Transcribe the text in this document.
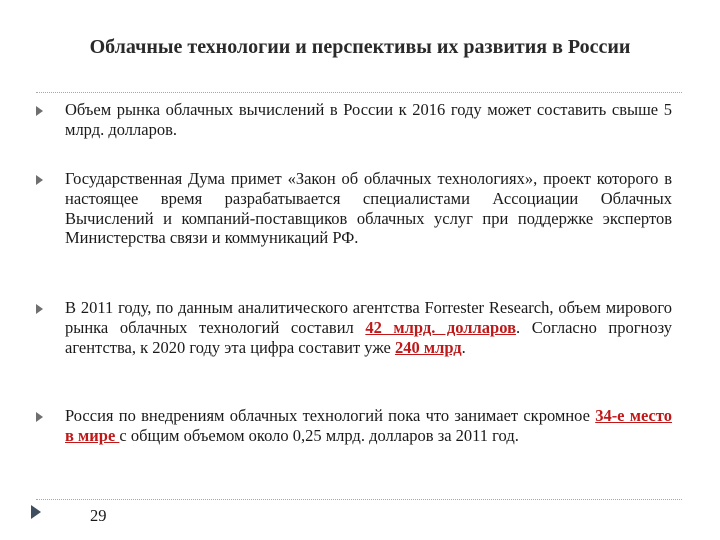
Облачные технологии и перспективы их развития в России
Объем рынка облачных вычислений в России к 2016 году может составить свыше 5 млрд. долларов.
Государственная Дума примет «Закон об облачных технологиях», проект которого в настоящее время разрабатывается специалистами Ассоциации Облачных Вычислений и компаний-поставщиков облачных услуг при поддержке экспертов Министерства связи и коммуникаций РФ.
В 2011 году, по данным аналитического агентства Forrester Research, объем мирового рынка облачных технологий составил 42 млрд. долларов. Согласно прогнозу агентства, к 2020 году эта цифра составит уже 240 млрд.
Россия по внедрениям облачных технологий пока что занимает скромное 34-е место в мире с общим объемом около 0,25 млрд. долларов за 2011 год.
29
